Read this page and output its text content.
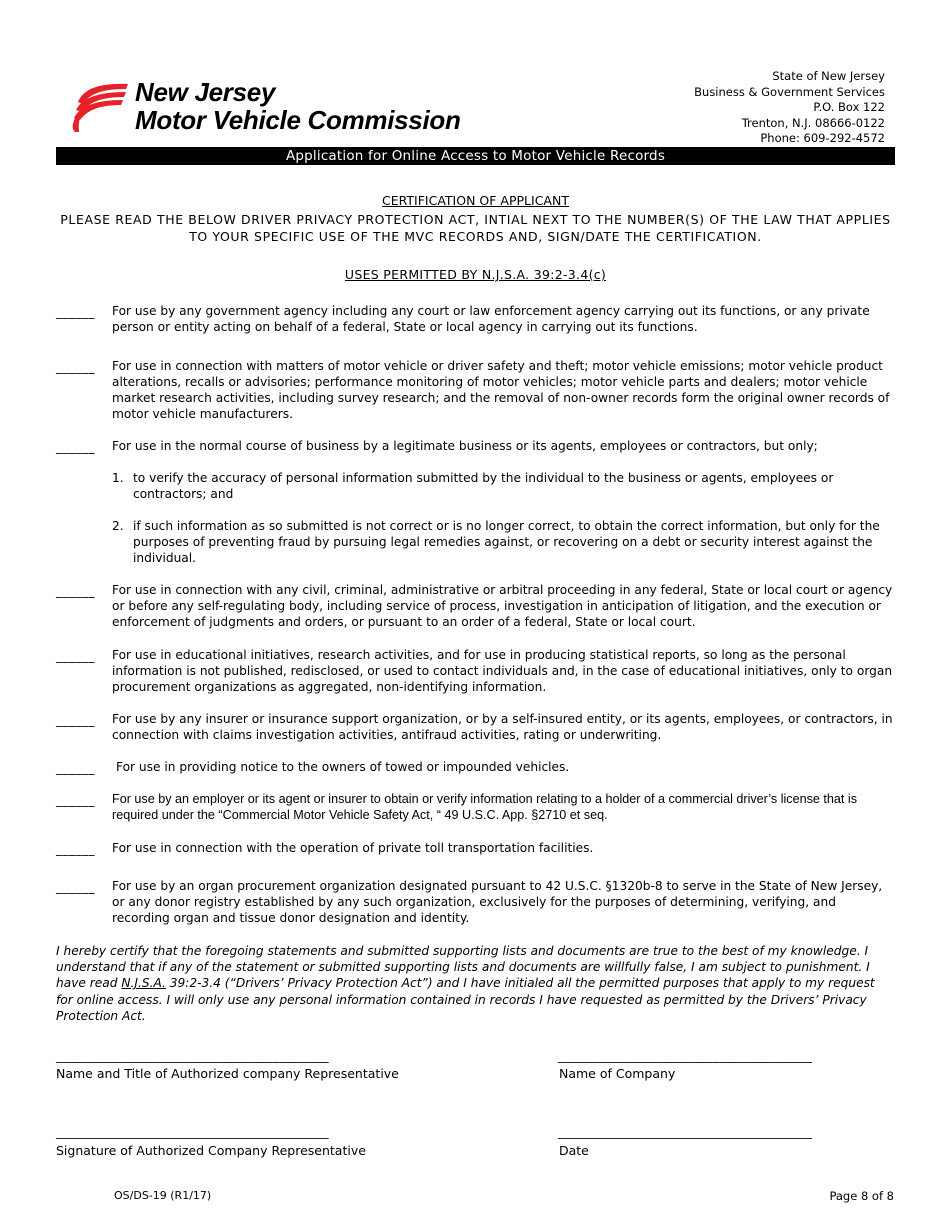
New Jersey
Motor Vehicle Commission
State of New Jersey
Business & Government Services
P.O. Box 122
Trenton, N.J. 08666-0122
Phone: 609-292-4572
Application for Online Access to Motor Vehicle Records
CERTIFICATION OF APPLICANT
PLEASE READ THE BELOW DRIVER PRIVACY PROTECTION ACT, INTIAL NEXT TO THE NUMBER(S) OF THE LAW THAT APPLIES TO YOUR SPECIFIC USE OF THE MVC RECORDS AND, SIGN/DATE THE CERTIFICATION.
USES PERMITTED BY N.J.S.A. 39:2-3.4(c)
______ For use by any government agency including any court or law enforcement agency carrying out its functions, or any private person or entity acting on behalf of a federal, State or local agency in carrying out its functions.
______ For use in connection with matters of motor vehicle or driver safety and theft; motor vehicle emissions; motor vehicle product alterations, recalls or advisories; performance monitoring of motor vehicles; motor vehicle parts and dealers; motor vehicle market research activities, including survey research; and the removal of non-owner records form the original owner records of motor vehicle manufacturers.
______ For use in the normal course of business by a legitimate business or its agents, employees or contractors, but only;
1. to verify the accuracy of personal information submitted by the individual to the business or agents, employees or contractors; and
2. if such information as so submitted is not correct or is no longer correct, to obtain the correct information, but only for the purposes of preventing fraud by pursuing legal remedies against, or recovering on a debt or security interest against the individual.
______ For use in connection with any civil, criminal, administrative or arbitral proceeding in any federal, State or local court or agency or before any self-regulating body, including service of process, investigation in anticipation of litigation, and the execution or enforcement of judgments and orders, or pursuant to an order of a federal, State or local court.
______ For use in educational initiatives, research activities, and for use in producing statistical reports, so long as the personal information is not published, redisclosed, or used to contact individuals and, in the case of educational initiatives, only to organ procurement organizations as aggregated, non-identifying information.
______ For use by any insurer or insurance support organization, or by a self-insured entity, or its agents, employees, or contractors, in connection with claims investigation activities, antifraud activities, rating or underwriting.
______ For use in providing notice to the owners of towed or impounded vehicles.
______ For use by an employer or its agent or insurer to obtain or verify information relating to a holder of a commercial driver’s license that is required under the “Commercial Motor Vehicle Safety Act, “ 49 U.S.C. App. §2710 et seq.
______ For use in connection with the operation of private toll transportation facilities.
______ For use by an organ procurement organization designated pursuant to 42 U.S.C. §1320b-8 to serve in the State of New Jersey, or any donor registry established by any such organization, exclusively for the purposes of determining, verifying, and recording organ and tissue donor designation and identity.
I hereby certify that the foregoing statements and submitted supporting lists and documents are true to the best of my knowledge. I understand that if any of the statement or submitted supporting lists and documents are willfully false, I am subject to punishment. I have read N.J.S.A. 39:2-3.4 (“Drivers’ Privacy Protection Act”) and I have initialed all the permitted purposes that apply to my request for online access. I will only use any personal information contained in records I have requested as permitted by the Drivers’ Privacy Protection Act.
____________________________________________
Name and Title of Authorized company Representative
_________________________________________
Name of Company
____________________________________________
Signature of Authorized Company Representative
_________________________________________
Date
OS/DS-19 (R1/17)	Page 8 of 8
